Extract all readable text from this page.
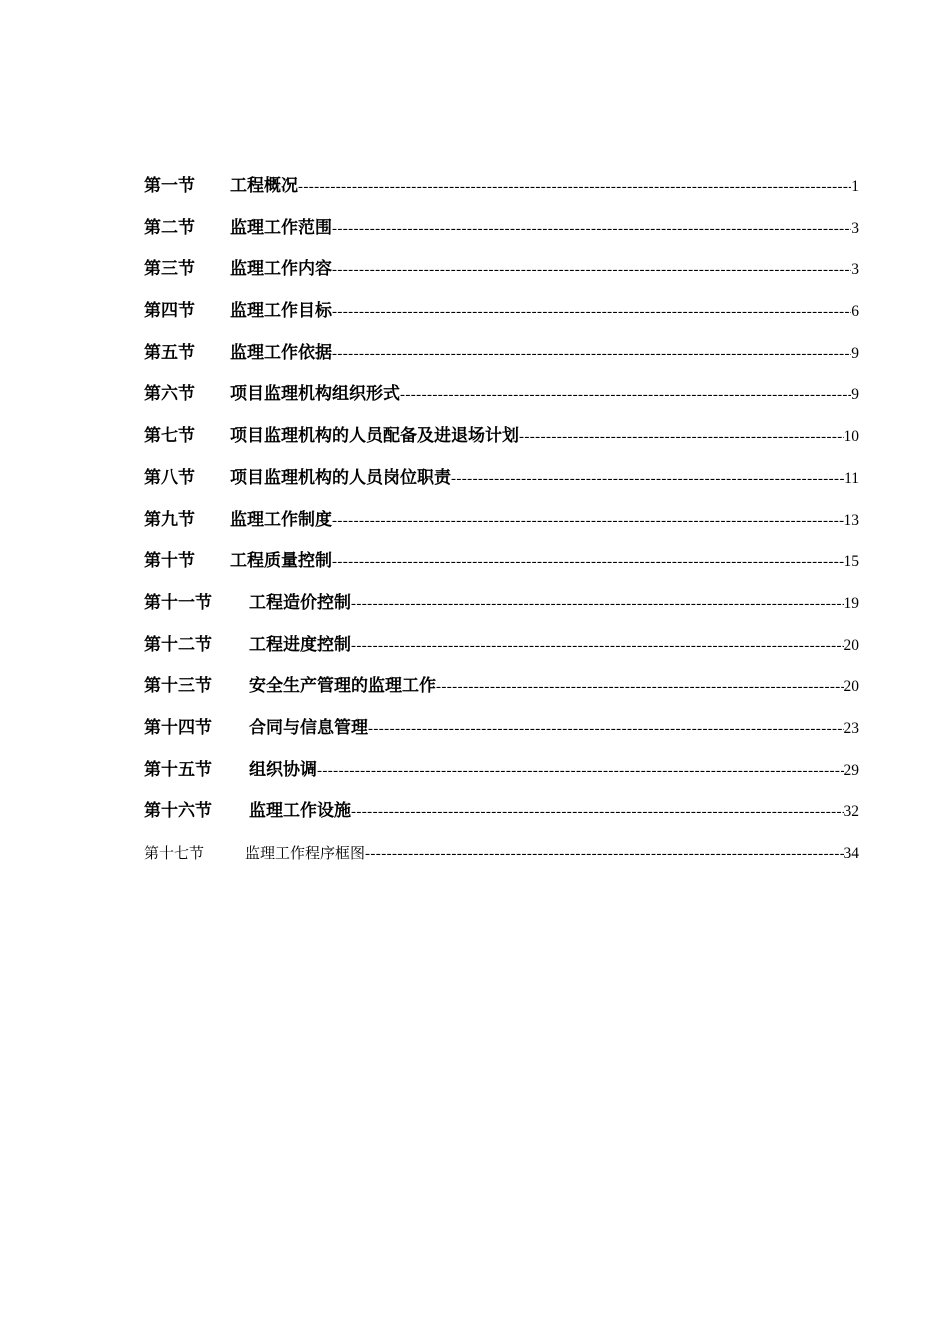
第一节	工程概况 -----	1
第二节	监理工作范围 -----	3
第三节	监理工作内容 -----	3
第四节	监理工作目标 -----	6
第五节	监理工作依据 -----	9
第六节	项目监理机构组织形式 -----	9
第七节	项目监理机构的人员配备及进退场计划 -----	10
第八节	项目监理机构的人员岗位职责 -----	11
第九节	监理工作制度 -----	13
第十节	工程质量控制 -----	15
第十一节	工程造价控制 -----	19
第十二节	工程进度控制 -----	20
第十三节	安全生产管理的监理工作 -----	20
第十四节	合同与信息管理 -----	23
第十五节	组织协调 -----	29
第十六节	监理工作设施 -----	32
第十七节	监理工作程序框图 -----	34
